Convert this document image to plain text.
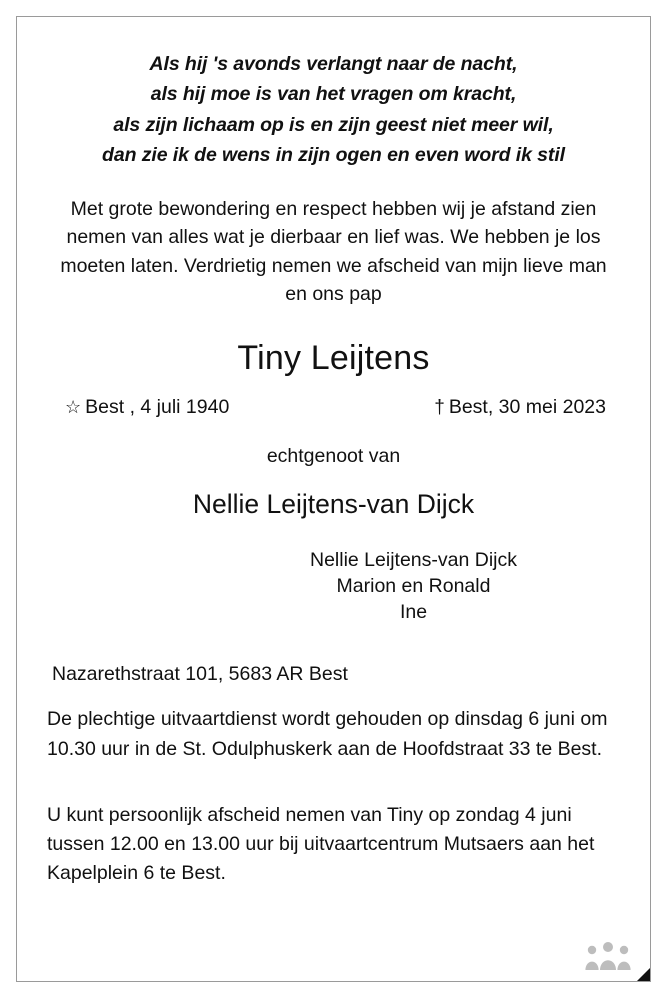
Als hij 's avonds verlangt naar de nacht,
als hij moe is van het vragen om kracht,
als zijn lichaam op is en zijn geest niet meer wil,
dan zie ik de wens in zijn ogen en even word ik stil
Met grote bewondering en respect hebben wij je afstand zien nemen van alles wat je dierbaar en lief was. We hebben je los moeten laten. Verdrietig nemen we afscheid van mijn lieve man en ons pap
Tiny Leijtens
☆ Best , 4 juli 1940	† Best, 30 mei 2023
echtgenoot van
Nellie Leijtens-van Dijck
Nellie Leijtens-van Dijck
Marion en Ronald
Ine
Nazarethstraat 101, 5683 AR Best
De plechtige uitvaartdienst wordt gehouden op dinsdag 6 juni om 10.30 uur in de St. Odulphuskerk aan de Hoofdstraat 33 te Best.
U kunt persoonlijk afscheid nemen van Tiny op zondag 4 juni tussen 12.00 en 13.00 uur bij uitvaartcentrum Mutsaers aan het Kapelplein 6 te Best.
